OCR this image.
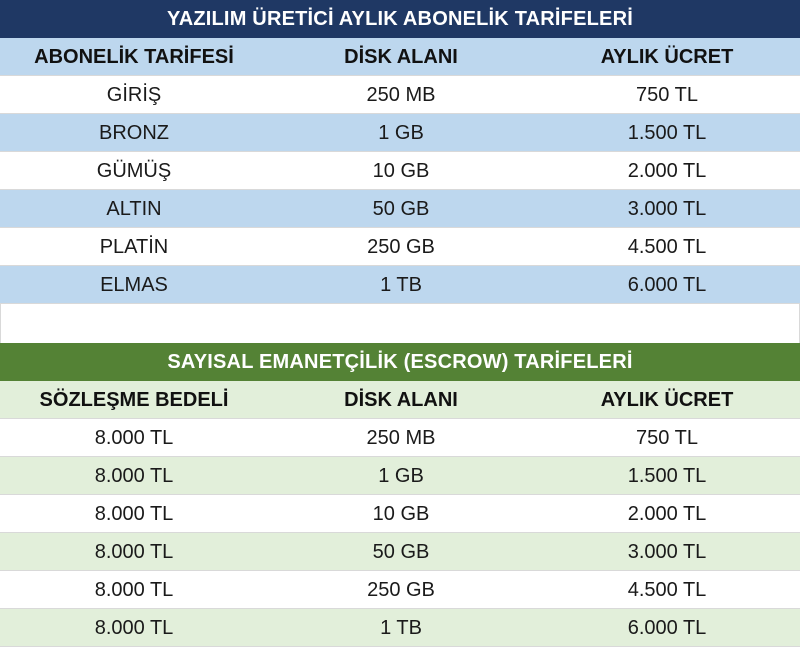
YAZILIM ÜRETİCİ AYLIK ABONELİK TARİFELERİ
ABONELİK TARİFESİ	DİSK ALANI	AYLIK ÜCRET
GİRİŞ	250 MB	750 TL
BRONZ	1 GB	1.500 TL
GÜMÜŞ	10 GB	2.000 TL
ALTIN	50 GB	3.000 TL
PLATİN	250 GB	4.500 TL
ELMAS	1 TB	6.000 TL
SAYISAL EMANETÇİLİK (ESCROW) TARİFELERİ
SÖZLEŞME BEDELİ	DİSK ALANI	AYLIK ÜCRET
8.000 TL	250 MB	750 TL
8.000 TL	1 GB	1.500 TL
8.000 TL	10 GB	2.000 TL
8.000 TL	50 GB	3.000 TL
8.000 TL	250 GB	4.500 TL
8.000 TL	1 TB	6.000 TL
